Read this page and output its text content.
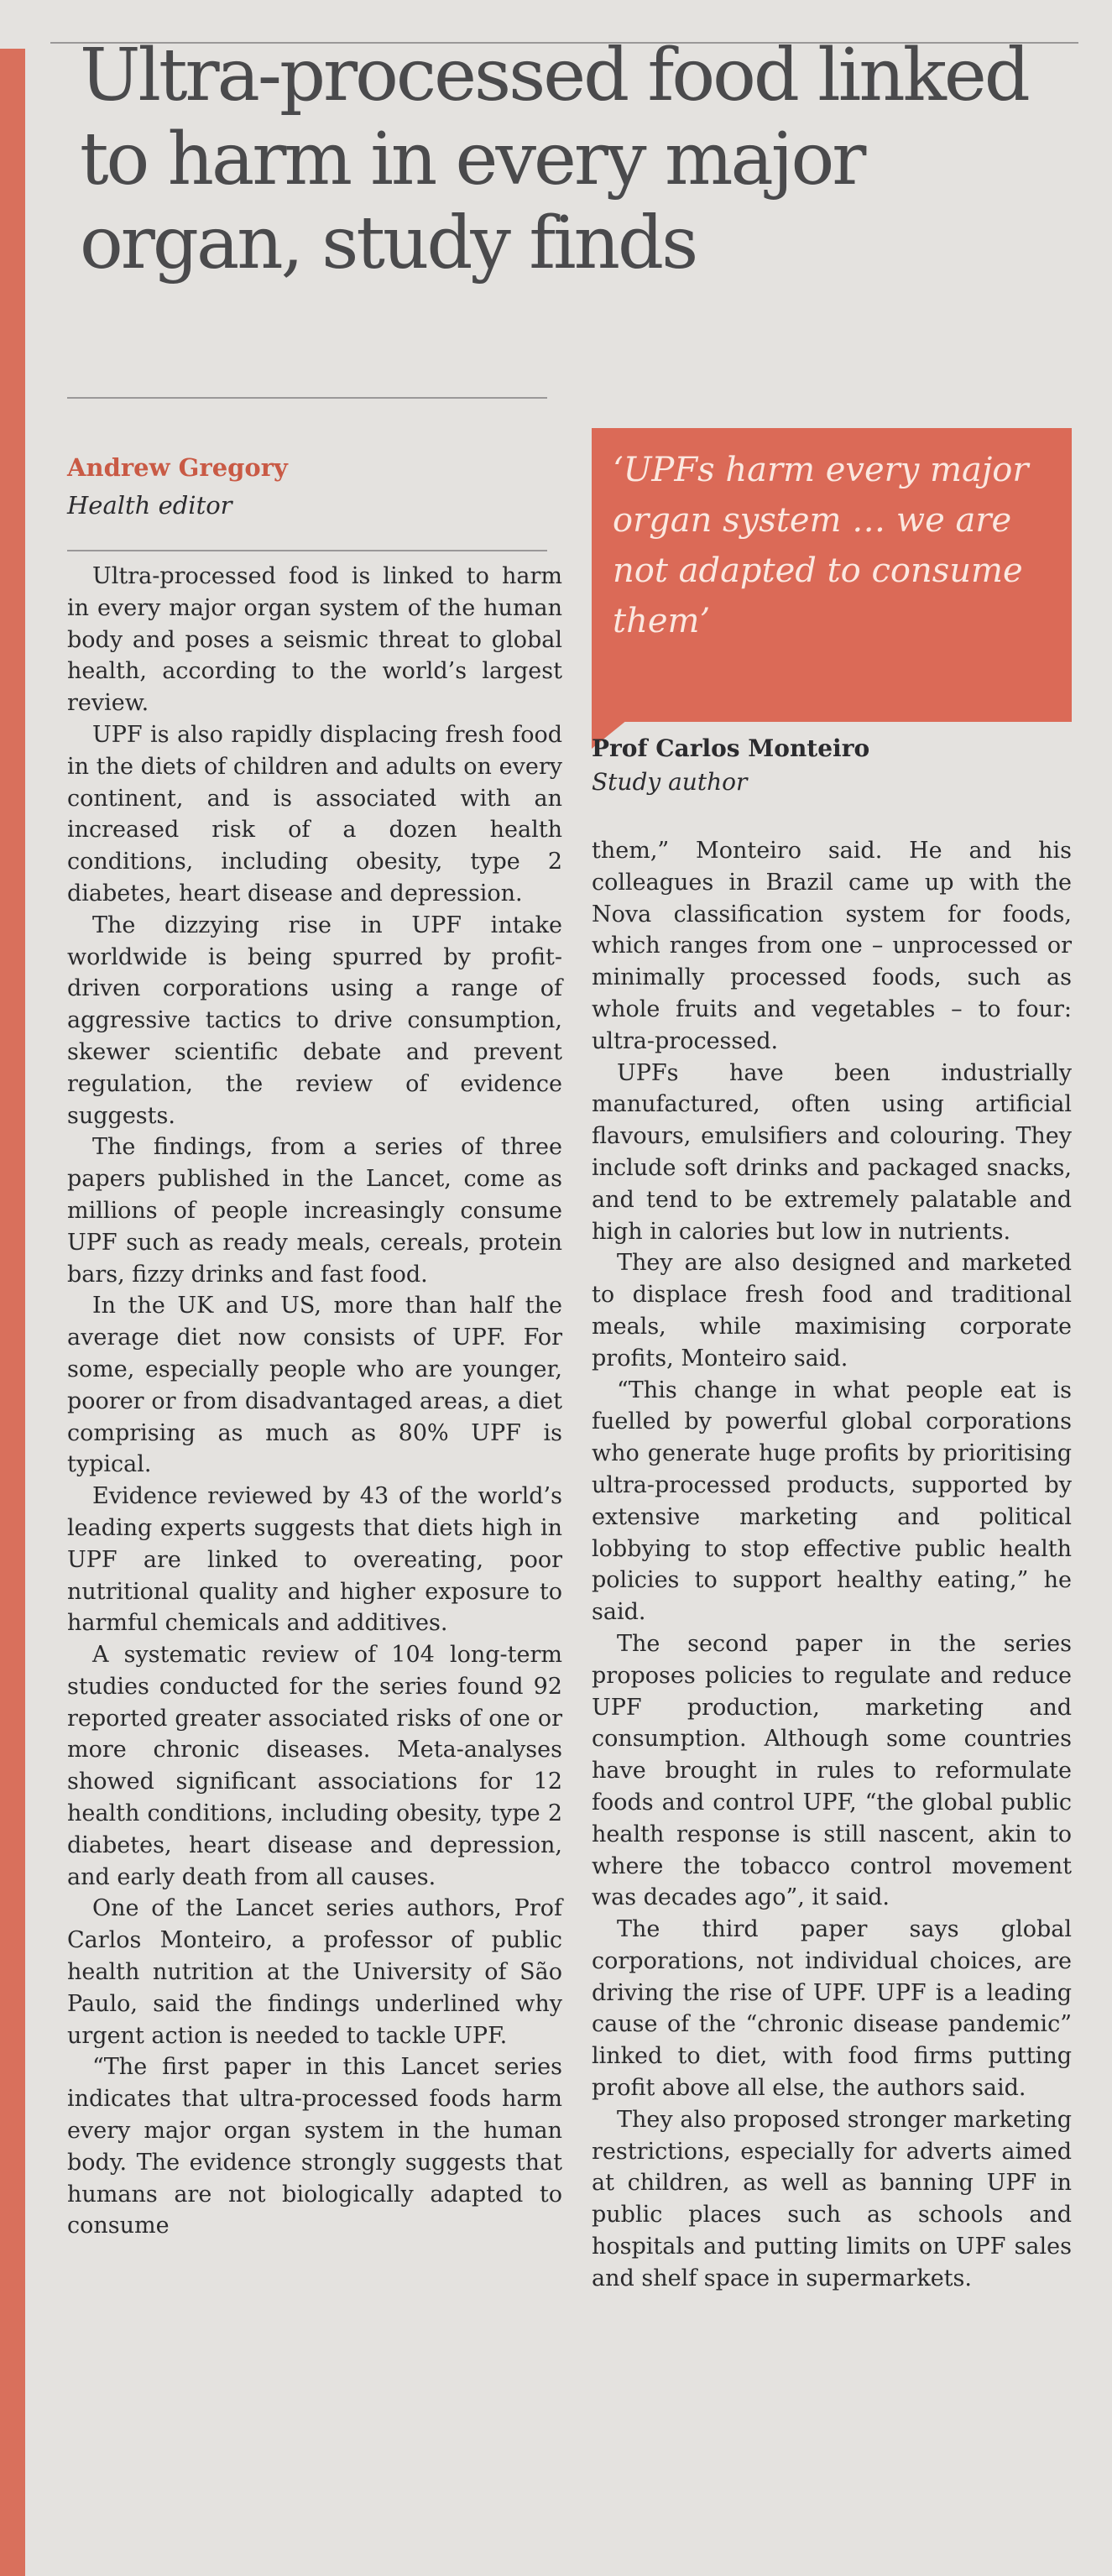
Ultra-processed food linked to harm in every major organ, study finds
Andrew Gregory
Health editor
‘UPFs harm every major organ system … we are not adapted to consume them’
Prof Carlos Monteiro
Study author

Ultra-processed food is linked to harm in every major organ system of the human body and poses a seismic threat to global health, according to the world’s largest review.

UPF is also rapidly displacing fresh food in the diets of children and adults on every continent, and is associated with an increased risk of a dozen health conditions, including obesity, type 2 diabetes, heart disease and depression.

The dizzying rise in UPF intake worldwide is being spurred by profit-driven corporations using a range of aggressive tactics to drive consumption, skewer scientific debate and prevent regulation, the review of evidence suggests.

The findings, from a series of three papers published in the Lancet, come as millions of people increasingly consume UPF such as ready meals, cereals, protein bars, fizzy drinks and fast food.

In the UK and US, more than half the average diet now consists of UPF. For some, especially people who are younger, poorer or from disadvantaged areas, a diet comprising as much as 80% UPF is typical.

Evidence reviewed by 43 of the world’s leading experts suggests that diets high in UPF are linked to overeating, poor nutritional quality and higher exposure to harmful chemicals and additives.

A systematic review of 104 long-term studies conducted for the series found 92 reported greater associated risks of one or more chronic diseases. Meta-analyses showed significant associations for 12 health conditions, including obesity, type 2 diabetes, heart disease and depression, and early death from all causes.

One of the Lancet series authors, Prof Carlos Monteiro, a professor of public health nutrition at the University of São Paulo, said the findings underlined why urgent action is needed to tackle UPF.

“The first paper in this Lancet series indicates that ultra-processed foods harm every major organ system in the human body. The evidence strongly suggests that humans are not biologically adapted to consume

them,” Monteiro said. He and his colleagues in Brazil came up with the Nova classification system for foods, which ranges from one – unprocessed or minimally processed foods, such as whole fruits and vegetables – to four: ultra-processed.

UPFs have been industrially manufactured, often using artificial flavours, emulsifiers and colouring. They include soft drinks and packaged snacks, and tend to be extremely palatable and high in calories but low in nutrients.

They are also designed and marketed to displace fresh food and traditional meals, while maximising corporate profits, Monteiro said.

“This change in what people eat is fuelled by powerful global corporations who generate huge profits by prioritising ultra-processed products, supported by extensive marketing and political lobbying to stop effective public health policies to support healthy eating,” he said.

The second paper in the series proposes policies to regulate and reduce UPF production, marketing and consumption. Although some countries have brought in rules to reformulate foods and control UPF, “the global public health response is still nascent, akin to where the tobacco control movement was decades ago”, it said.

The third paper says global corporations, not individual choices, are driving the rise of UPF. UPF is a leading cause of the “chronic disease pandemic” linked to diet, with food firms putting profit above all else, the authors said.

They also proposed stronger marketing restrictions, especially for adverts aimed at children, as well as banning UPF in public places such as schools and hospitals and putting limits on UPF sales and shelf space in supermarkets.
